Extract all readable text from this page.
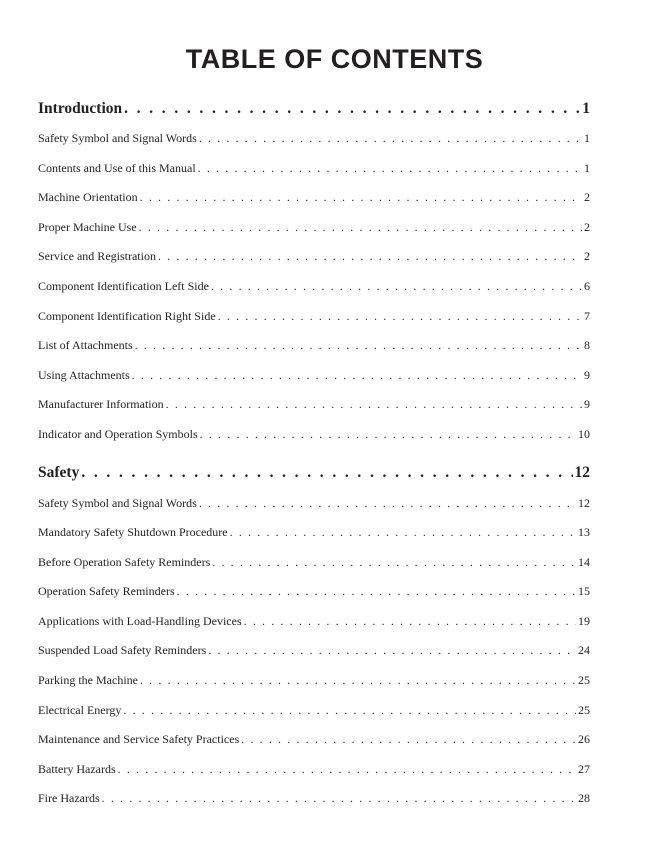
TABLE OF CONTENTS
Introduction . . .	1
Safety Symbol and Signal Words . . .	1
Contents and Use of this Manual . . .	1
Machine Orientation . . .	2
Proper Machine Use . . .	2
Service and Registration . . .	2
Component Identification Left Side . . .	6
Component Identification Right Side . . .	7
List of Attachments . . .	8
Using Attachments . . .	9
Manufacturer Information . . .	9
Indicator and Operation Symbols . . .	10
Safety . . .	12
Safety Symbol and Signal Words . . .	12
Mandatory Safety Shutdown Procedure . . .	13
Before Operation Safety Reminders . . .	14
Operation Safety Reminders . . .	15
Applications with Load-Handling Devices . . .	19
Suspended Load Safety Reminders . . .	24
Parking the Machine . . .	25
Electrical Energy . . .	25
Maintenance and Service Safety Practices . . .	26
Battery Hazards . . .	27
Fire Hazards . . .	28
